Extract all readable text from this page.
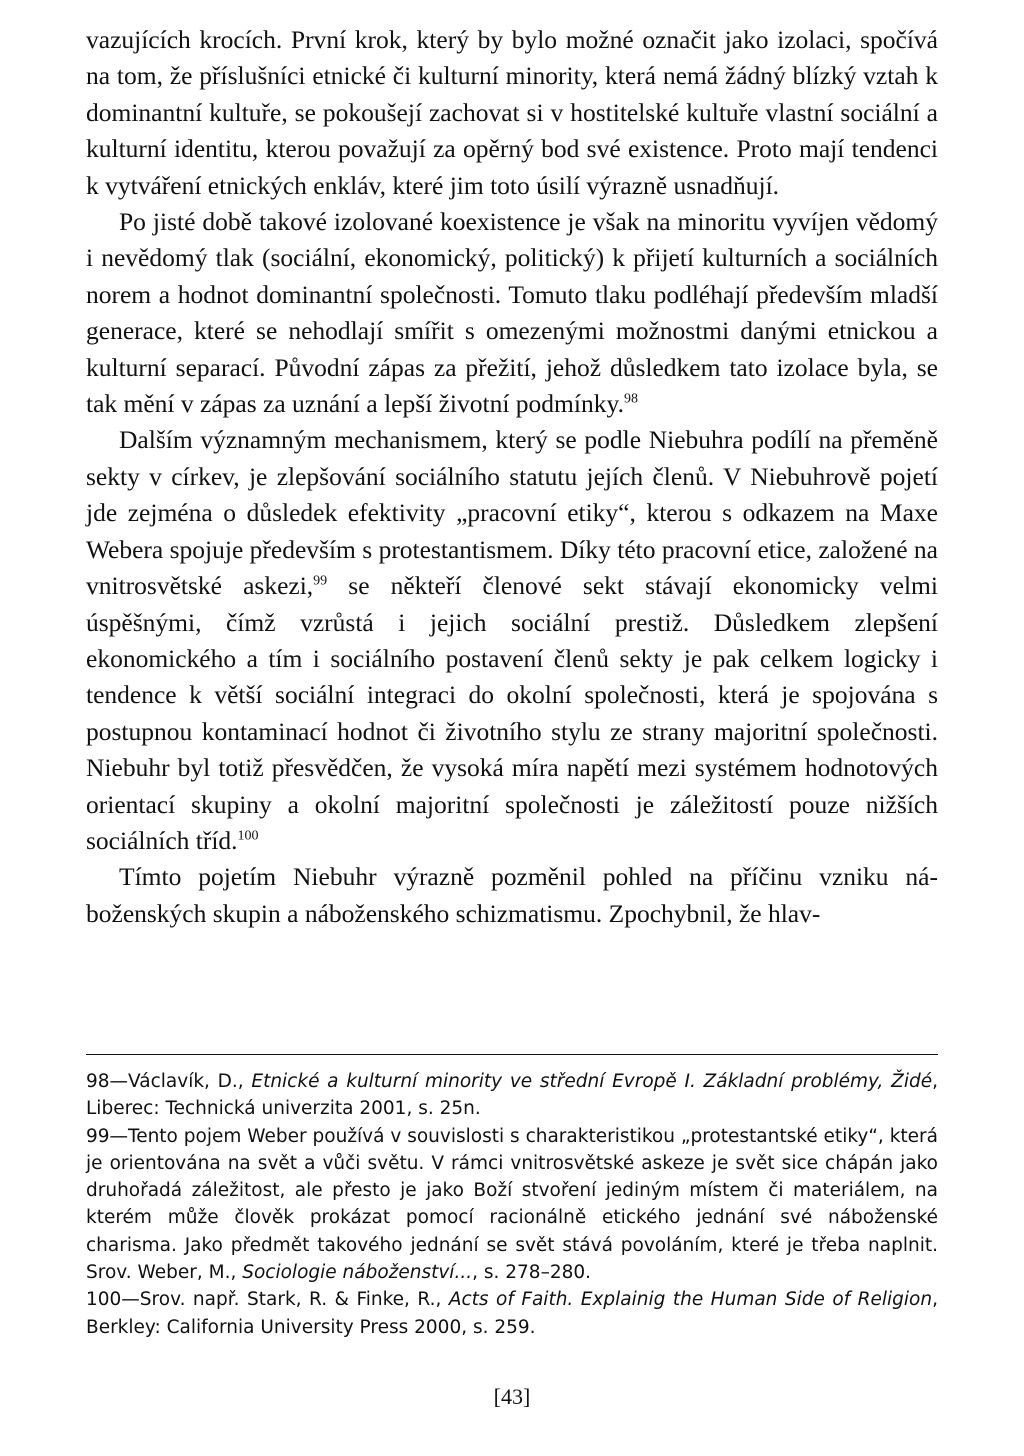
vazujících krocích. První krok, který by bylo možné označit jako izolaci, spočívá na tom, že příslušníci etnické či kulturní minority, která nemá žádný blízký vztah k dominantní kultuře, se pokoušejí zachovat si v hostitelské kultuře vlastní sociální a kulturní identitu, kterou považují za opěrný bod své existence. Proto mají tendenci k vytváření etnických enkláv, které jim toto úsilí výrazně usnadňují.

Po jisté době takové izolované koexistence je však na minoritu vyvíjen vědomý i nevědomý tlak (sociální, ekonomický, politický) k přijetí kulturních a sociálních norem a hodnot dominantní společnosti. Tomuto tlaku podléhají především mladší generace, které se nehodlají smířit s omezenými možnostmi danými etnickou a kulturní separací. Původní zápas za přežití, jehož důsledkem tato izolace byla, se tak mění v zápas za uznání a lepší životní podmínky.$^{98}$

Dalším významným mechanismem, který se podle Niebuhra podílí na přeměně sekty v církev, je zlepšování sociálního statutu jejích členů. V Niebuhrově pojetí jde zejména o důsledek efektivity „pracovní etiky“, kterou s odkazem na Maxe Webera spojuje především s protestantismem. Díky této pracovní etice, založené na vnitrosvětské askezi,$^{99}$ se někteří členové sekt stávají ekonomicky velmi úspěšnými, čímž vzrůstá i jejich sociální prestiž. Důsledkem zlepšení ekonomického a tím i sociálního postavení členů sekty je pak celkem logicky i tendence k větší sociální integraci do okolní společnosti, která je spojována s postupnou kontaminací hodnot či životního stylu ze strany majoritní společnosti. Niebuhr byl totiž přesvědčen, že vysoká míra napětí mezi systémem hodnotových orientací skupiny a okolní majoritní společnosti je záležitostí pouze nižších sociálních tříd.$^{100}$

Tímto pojetím Niebuhr výrazně pozměnil pohled na příčinu vzniku náboženských skupin a náboženského schizmatismu. Zpochybnil, že hlav-

98—Václavík, D., Etnické a kulturní minority ve střední Evropě I. Základní problémy, Židé, Liberec: Technická univerzita 2001, s. 25n.

99—Tento pojem Weber používá v souvislosti s charakteristikou „protestantské etiky“, která je orientována na svět a vůči světu. V rámci vnitrosvětské askeze je svět sice chápán jako druhořadá záležitost, ale přesto je jako Boží stvoření jediným místem či materiálem, na kterém může člověk prokázat pomocí racionálně etického jednání své náboženské charisma. Jako předmět takového jednání se svět stává povoláním, které je třeba naplnit. Srov. Weber, M., Sociologie náboženství..., s. 278–280.

100—Srov. např. Stark, R. & Finke, R., Acts of Faith. Explainig the Human Side of Religion, Berkley: California University Press 2000, s. 259.

[43]
